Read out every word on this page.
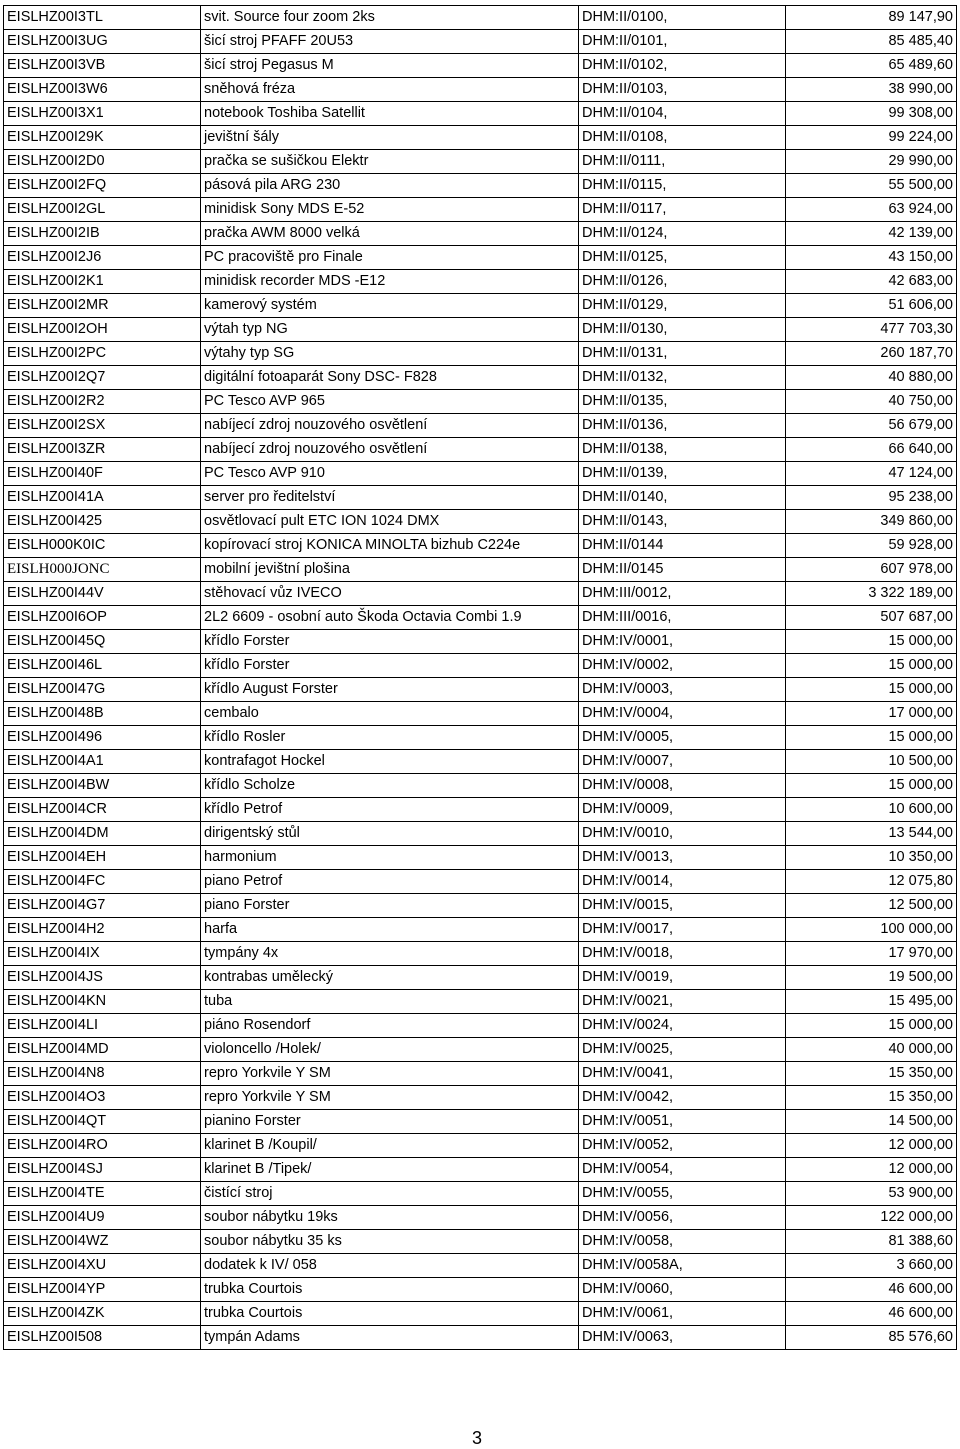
EISLHZ00I3TL	svit. Source four zoom 2ks	DHM:II/0100,	89 147,90
EISLHZ00I3UG	šicí stroj PFAFF 20U53	DHM:II/0101,	85 485,40
EISLHZ00I3VB	šicí stroj Pegasus M	DHM:II/0102,	65 489,60
EISLHZ00I3W6	sněhová fréza	DHM:II/0103,	38 990,00
EISLHZ00I3X1	notebook Toshiba Satellit	DHM:II/0104,	99 308,00
EISLHZ00I29K	jevištní šály	DHM:II/0108,	99 224,00
EISLHZ00I2D0	pračka se sušičkou Elektr	DHM:II/0111,	29 990,00
EISLHZ00I2FQ	pásová pila ARG 230	DHM:II/0115,	55 500,00
EISLHZ00I2GL	minidisk Sony MDS E-52	DHM:II/0117,	63 924,00
EISLHZ00I2IB	pračka AWM 8000 velká	DHM:II/0124,	42 139,00
EISLHZ00I2J6	PC pracoviště pro Finale	DHM:II/0125,	43 150,00
EISLHZ00I2K1	minidisk recorder MDS -E12	DHM:II/0126,	42 683,00
EISLHZ00I2MR	kamerový systém	DHM:II/0129,	51 606,00
EISLHZ00I2OH	výtah typ NG	DHM:II/0130,	477 703,30
EISLHZ00I2PC	výtahy typ SG	DHM:II/0131,	260 187,70
EISLHZ00I2Q7	digitální fotoaparát Sony DSC- F828	DHM:II/0132,	40 880,00
EISLHZ00I2R2	PC Tesco AVP 965	DHM:II/0135,	40 750,00
EISLHZ00I2SX	nabíjecí zdroj nouzového osvětlení	DHM:II/0136,	56 679,00
EISLHZ00I3ZR	nabíjecí zdroj nouzového osvětlení	DHM:II/0138,	66 640,00
EISLHZ00I40F	PC Tesco AVP 910	DHM:II/0139,	47 124,00
EISLHZ00I41A	server pro ředitelství	DHM:II/0140,	95 238,00
EISLHZ00I425	osvětlovací pult ETC ION 1024 DMX	DHM:II/0143,	349 860,00
EISLH000K0IC	kopírovací stroj KONICA MINOLTA bizhub C224e	DHM:II/0144	59 928,00
EISLH000JONC	mobilní jevištní plošina	DHM:II/0145	607 978,00
EISLHZ00I44V	stěhovací vůz IVECO	DHM:III/0012,	3 322 189,00
EISLHZ00I6OP	2L2 6609 - osobní auto Škoda Octavia Combi 1.9	DHM:III/0016,	507 687,00
EISLHZ00I45Q	křídlo Forster	DHM:IV/0001,	15 000,00
EISLHZ00I46L	křídlo Forster	DHM:IV/0002,	15 000,00
EISLHZ00I47G	křídlo August Forster	DHM:IV/0003,	15 000,00
EISLHZ00I48B	cembalo	DHM:IV/0004,	17 000,00
EISLHZ00I496	křídlo Rosler	DHM:IV/0005,	15 000,00
EISLHZ00I4A1	kontrafagot Hockel	DHM:IV/0007,	10 500,00
EISLHZ00I4BW	křídlo Scholze	DHM:IV/0008,	15 000,00
EISLHZ00I4CR	křídlo Petrof	DHM:IV/0009,	10 600,00
EISLHZ00I4DM	dirigentský stůl	DHM:IV/0010,	13 544,00
EISLHZ00I4EH	harmonium	DHM:IV/0013,	10 350,00
EISLHZ00I4FC	piano Petrof	DHM:IV/0014,	12 075,80
EISLHZ00I4G7	piano Forster	DHM:IV/0015,	12 500,00
EISLHZ00I4H2	harfa	DHM:IV/0017,	100 000,00
EISLHZ00I4IX	tympány 4x	DHM:IV/0018,	17 970,00
EISLHZ00I4JS	kontrabas umělecký	DHM:IV/0019,	19 500,00
EISLHZ00I4KN	tuba	DHM:IV/0021,	15 495,00
EISLHZ00I4LI	piáno Rosendorf	DHM:IV/0024,	15 000,00
EISLHZ00I4MD	violoncello /Holek/	DHM:IV/0025,	40 000,00
EISLHZ00I4N8	repro Yorkvile Y SM	DHM:IV/0041,	15 350,00
EISLHZ00I4O3	repro Yorkvile Y SM	DHM:IV/0042,	15 350,00
EISLHZ00I4QT	pianino Forster	DHM:IV/0051,	14 500,00
EISLHZ00I4RO	klarinet B /Koupil/	DHM:IV/0052,	12 000,00
EISLHZ00I4SJ	klarinet B /Tipek/	DHM:IV/0054,	12 000,00
EISLHZ00I4TE	čistící stroj	DHM:IV/0055,	53 900,00
EISLHZ00I4U9	soubor nábytku 19ks	DHM:IV/0056,	122 000,00
EISLHZ00I4WZ	soubor nábytku 35 ks	DHM:IV/0058,	81 388,60
EISLHZ00I4XU	dodatek k IV/ 058	DHM:IV/0058A,	3 660,00
EISLHZ00I4YP	trubka Courtois	DHM:IV/0060,	46 600,00
EISLHZ00I4ZK	trubka Courtois	DHM:IV/0061,	46 600,00
EISLHZ00I508	tympán Adams	DHM:IV/0063,	85 576,60
3
